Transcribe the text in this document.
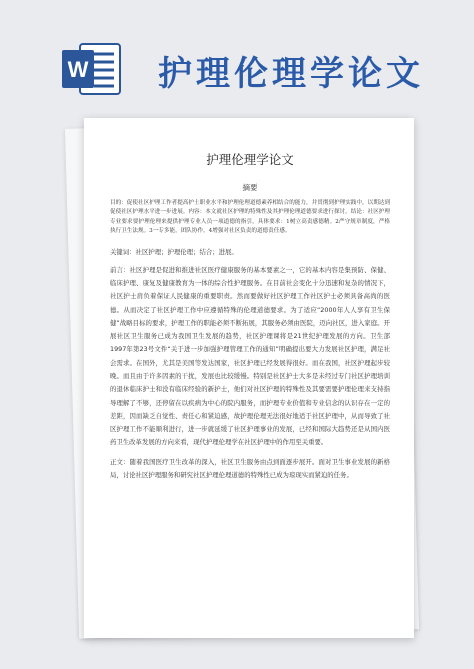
W 护理伦理学论文
护理伦理学论文
摘要
目的：促使社区护理工作者提高护士职业水平和护理伦理道德素养相结合的能力，并贯彻到护理实践中，以期达到促使社区护理水平进一步进展。内容：本文就社区护理的特殊性及其护理伦理道德要求进行探讨。结论：社区护理专业要求要护理伦理来提供护理专业人员一项道德的指引，具体要求：1树立高责感德精。2严守规章制度，严格执行卫生法规。3一专多能，团队协作。4增强对社区负责的道德责任感。
关键词：社区护理；护理伦理；结合；进展。

前言：社区护理是促进和推进社区医疗健康服务的基本要素之一，它的基本内容是集预防、保健、临床护理、康复及健康教育为一体的综合性护理服务。在目前社会变化十分迅速和复杂的情况下，社区护士肩负着保证人民健康的重要职责。然而要做好社区护理工作社区护士必须具备高尚的医德。从而决定了社区护理工作中应遵循特殊的伦理道德要求。为了适应“2000年人人享有卫生保健”战略目标的要求，护理工作的职能必须不断拓展，其服务必须由医院，迈向社区，进入家庭。开展社区卫生服务已成为我国卫生发展的趋势，社区护理课将是21世纪护理发展的方向。卫生部1997年第23号文件“关于进一步加强护理管理工作的通知”明确提出要大力发展社区护理，满足社会需求。在国外，尤其是美国等发达国家，社区护理已经发展得很好。而在我国，社区护理起步较晚。而且由于许多因素的干扰，发展也比较缓慢。特别是社区护士大多是未经过专门社区护理培训的退休临床护士和没有临床经验的新护士，他们对社区护理的特殊性及其要需要护理伦理来支持指导理解了不够，还停留在以疾病为中心的院内服务，而护理专业价值和专业信念的认识存在一定的差距，因而缺乏自觉性、责任心和紧迫感，故护理伦理无法很好地适于社区护理中，从而导致了社区护理工作不能顺利进行，进一步就延缓了社区护理事业的发展，已经和国际大趋势还是从国内医药卫生改革发展的方向来看，现代护理伦理学在社区护理中的作用至关重要。

正文：随着我国医疗卫生改革的深入，社区卫生服务由点到面逐步展开。面对卫生事业发展的新格局，讨论社区护理服务和研究社区护理伦理道德的特殊性已成为琼现实而紧迫的任务。
